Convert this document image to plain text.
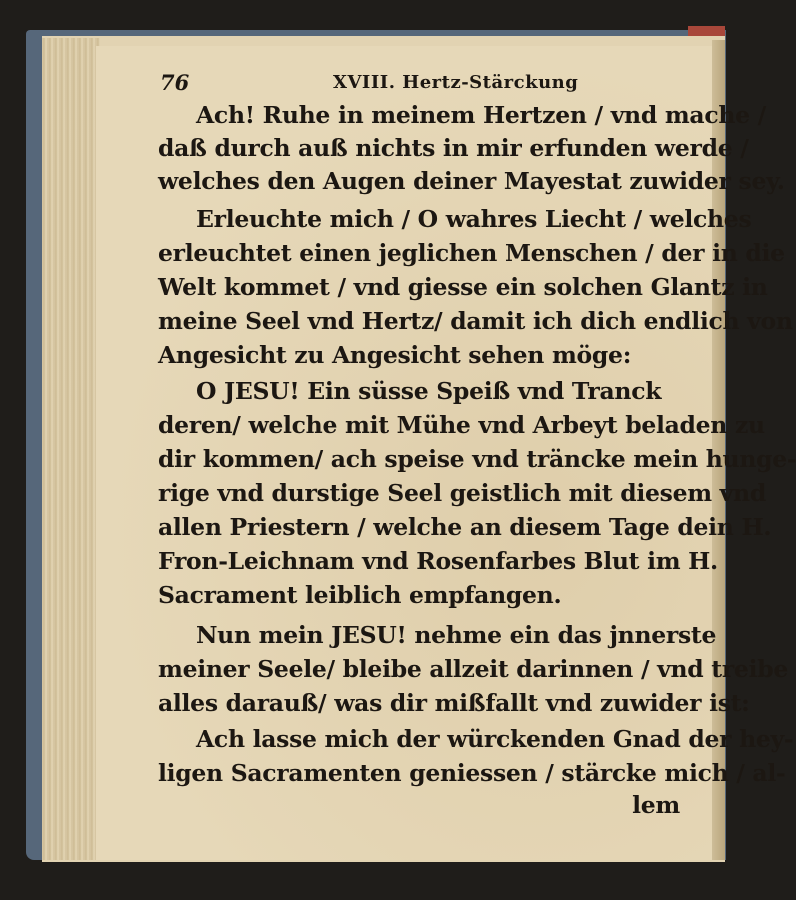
76	XVIII. Hertz-Stärckung
Ach! Ruhe in meinem Hertzen / vnd mache /
daß durch auß nichts in mir erfunden werde /
welches den Augen deiner Mayestat zuwider sey.
Erleuchte mich / O wahres Liecht / welches
erleuchtet einen jeglichen Menschen / der in die
Welt kommet / vnd giesse ein solchen Glantz in
meine Seel vnd Hertz/ damit ich dich endlich von
Angesicht zu Angesicht sehen möge:
O JESU! Ein süsse Speiß vnd Tranck
deren/ welche mit Mühe vnd Arbeyt beladen zu
dir kommen/ ach speise vnd träncke mein hunge-
rige vnd durstige Seel geistlich mit diesem vnd
allen Priestern / welche an diesem Tage dein H.
Fron-Leichnam vnd Rosenfarbes Blut im H.
Sacrament leiblich empfangen.
Nun mein JESU! nehme ein das jnnerste
meiner Seele/ bleibe allzeit darinnen / vnd treibe
alles darauß/ was dir mißfallt vnd zuwider ist:
Ach lasse mich der würckenden Gnad der hey-
ligen Sacramenten geniessen / stärcke mich / al-
lem
